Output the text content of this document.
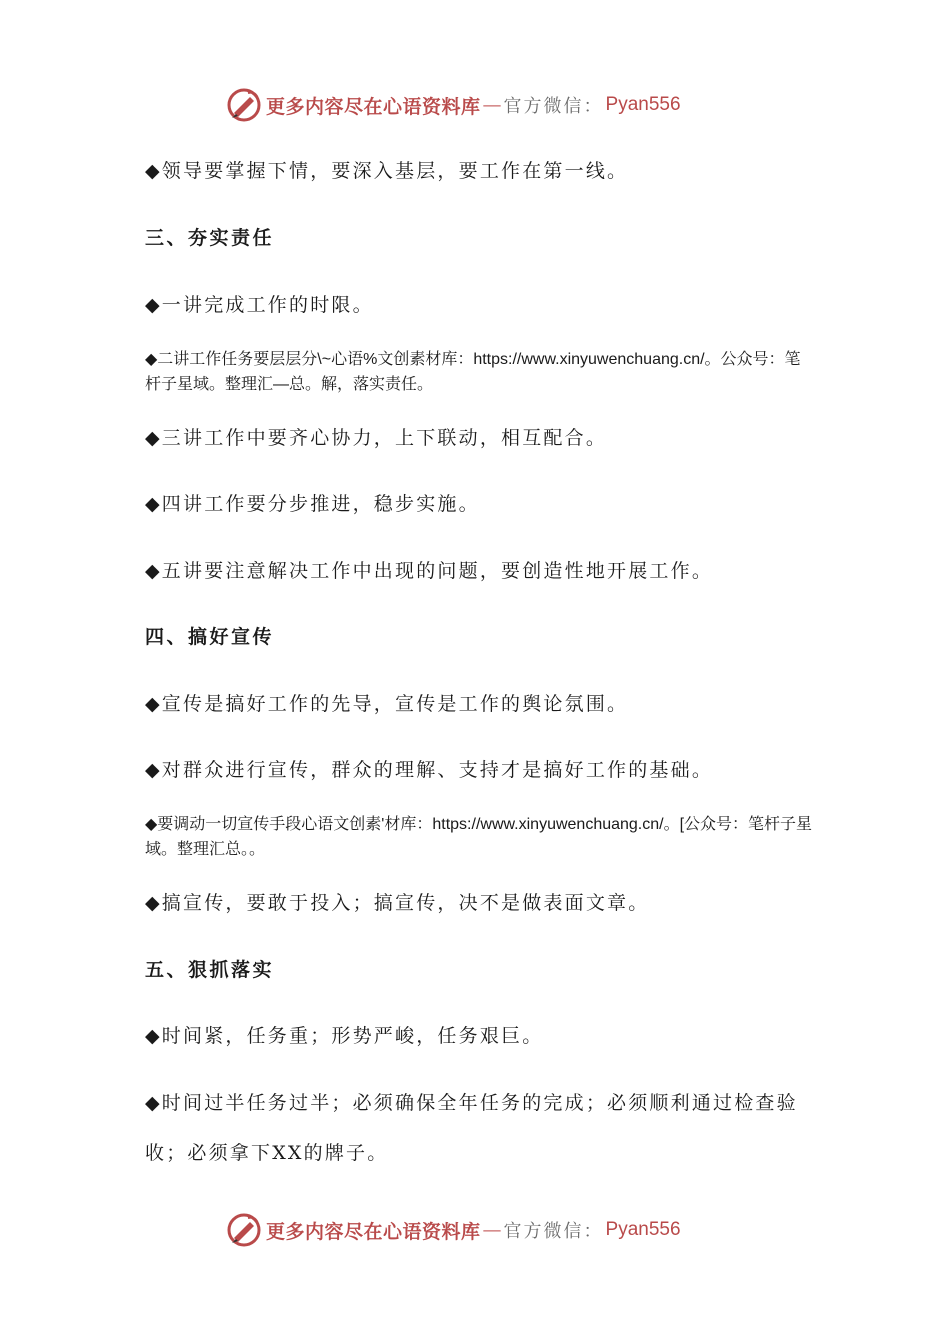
更多内容尽在心语资料库 — 官方微信： Pyan556
◆领导要掌握下情，要深入基层，要工作在第一线。
三、夯实责任
◆一讲完成工作的时限。
◆二讲工作任务要层层分\~心语%文创素材库：https://www.xinyuwenchuang.cn/。公众号：笔杆子星域。整理汇—总。解，落实责任。
◆三讲工作中要齐心协力，上下联动，相互配合。
◆四讲工作要分步推进，稳步实施。
◆五讲要注意解决工作中出现的问题，要创造性地开展工作。
四、搞好宣传
◆宣传是搞好工作的先导，宣传是工作的舆论氛围。
◆对群众进行宣传，群众的理解、支持才是搞好工作的基础。
◆要调动一切宣传手段心语文创素'材库：https://www.xinyuwenchuang.cn/。[公众号：笔杆子星域。整理汇总。。
◆搞宣传，要敢于投入；搞宣传，决不是做表面文章。
五、狠抓落实
◆时间紧，任务重；形势严峻，任务艰巨。
◆时间过半任务过半；必须确保全年任务的完成；必须顺利通过检查验收；必须拿下XX的牌子。
更多内容尽在心语资料库 — 官方微信： Pyan556
